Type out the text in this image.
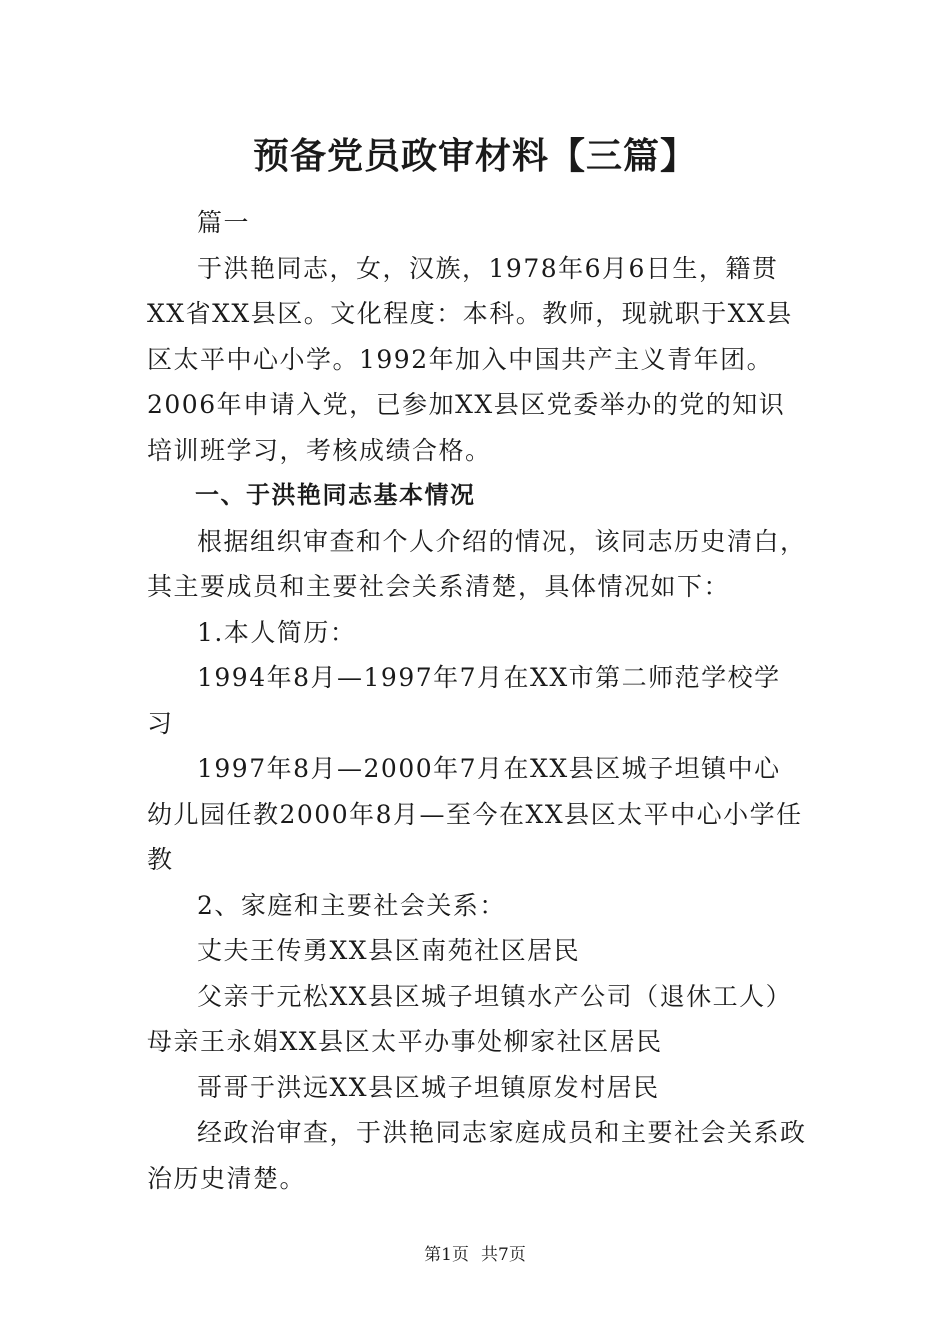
预备党员政审材料【三篇】

篇一

于洪艳同志，女，汉族，1978年6月6日生，籍贯XX省XX县区。文化程度：本科。教师，现就职于XX县区太平中心小学。1992年加入中国共产主义青年团。2006年申请入党，已参加XX县区党委举办的党的知识培训班学习，考核成绩合格。

一、于洪艳同志基本情况

根据组织审查和个人介绍的情况，该同志历史清白，其主要成员和主要社会关系清楚，具体情况如下：

1.本人简历：

1994年8月—1997年7月在XX市第二师范学校学习

1997年8月—2000年7月在XX县区城子坦镇中心幼儿园任教2000年8月—至今在XX县区太平中心小学任教

2、家庭和主要社会关系：

丈夫王传勇XX县区南苑社区居民

父亲于元松XX县区城子坦镇水产公司（退休工人）母亲王永娟XX县区太平办事处柳家社区居民

哥哥于洪远XX县区城子坦镇原发村居民

经政治审查，于洪艳同志家庭成员和主要社会关系政治历史清楚。

第1页 共7页
